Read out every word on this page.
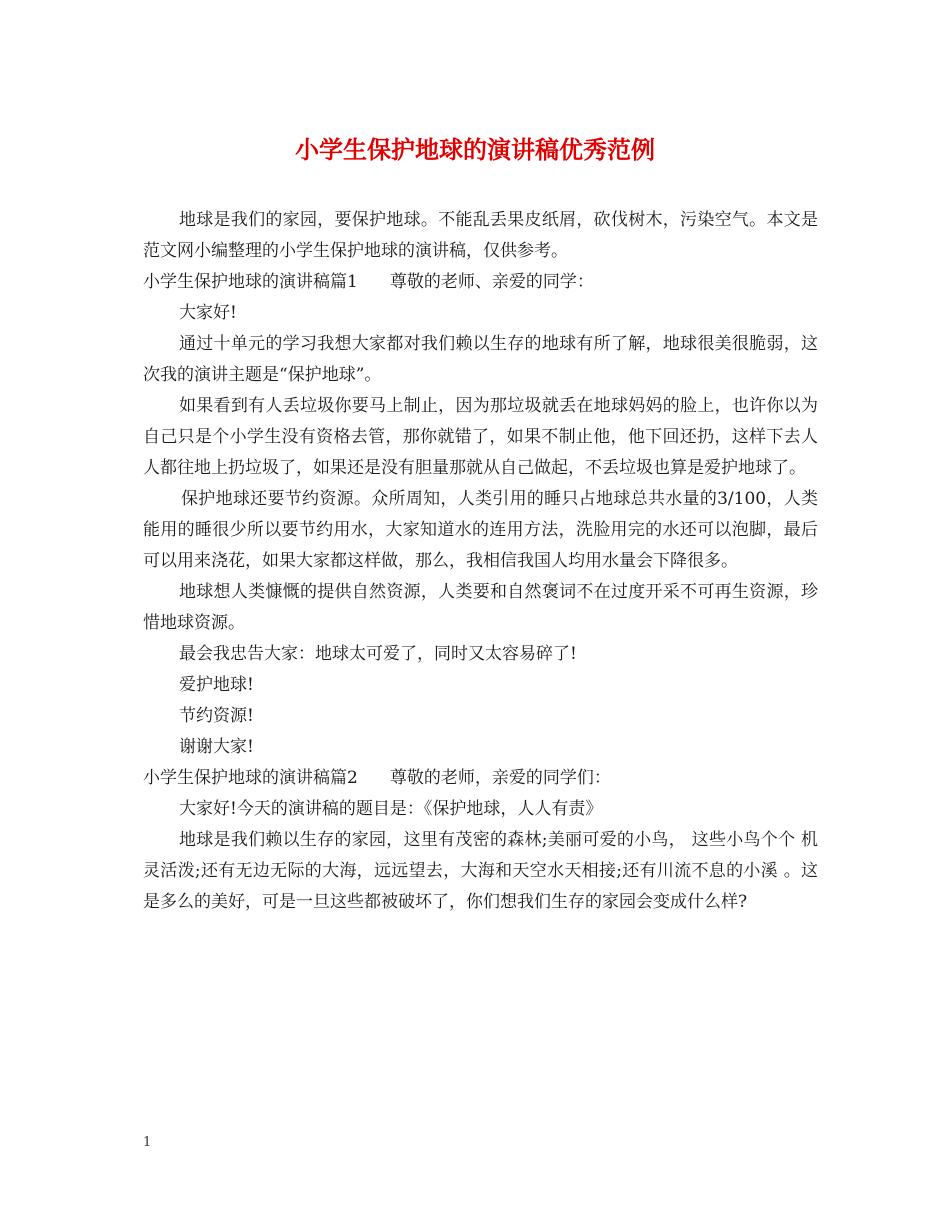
小学生保护地球的演讲稿优秀范例

地球是我们的家园，要保护地球。不能乱丢果皮纸屑，砍伐树木，污染空气。本文是范文网小编整理的小学生保护地球的演讲稿，仅供参考。

小学生保护地球的演讲稿篇1 尊敬的老师、亲爱的同学：

大家好!

通过十单元的学习我想大家都对我们赖以生存的地球有所了解，地球很美很脆弱，这次我的演讲主题是“保护地球”。

如果看到有人丢垃圾你要马上制止，因为那垃圾就丢在地球妈妈的脸上，也许你以为自己只是个小学生没有资格去管，那你就错了，如果不制止他，他下回还扔，这样下去人人都往地上扔垃圾了，如果还是没有胆量那就从自己做起，不丢垃圾也算是爱护地球了。

保护地球还要节约资源。众所周知，人类引用的睡只占地球总共水量的3/100，人类能用的睡很少所以要节约用水，大家知道水的连用方法，洗脸用完的水还可以泡脚，最后可以用来浇花，如果大家都这样做，那么，我相信我国人均用水量会下降很多。

地球想人类慷慨的提供自然资源，人类要和自然褒词不在过度开采不可再生资源，珍惜地球资源。

最会我忠告大家：地球太可爱了，同时又太容易碎了!

爱护地球!

节约资源!

谢谢大家!

小学生保护地球的演讲稿篇2 尊敬的老师，亲爱的同学们：

大家好!今天的演讲稿的题目是：《保护地球，人人有责》

地球是我们赖以生存的家园，这里有茂密的森林;美丽可爱的小鸟， 这些小鸟个个 机灵活泼;还有无边无际的大海，远远望去，大海和天空水天相接;还有川流不息的小溪 。这是多么的美好，可是一旦这些都被破坏了，你们想我们生存的家园会变成什么样?

1
